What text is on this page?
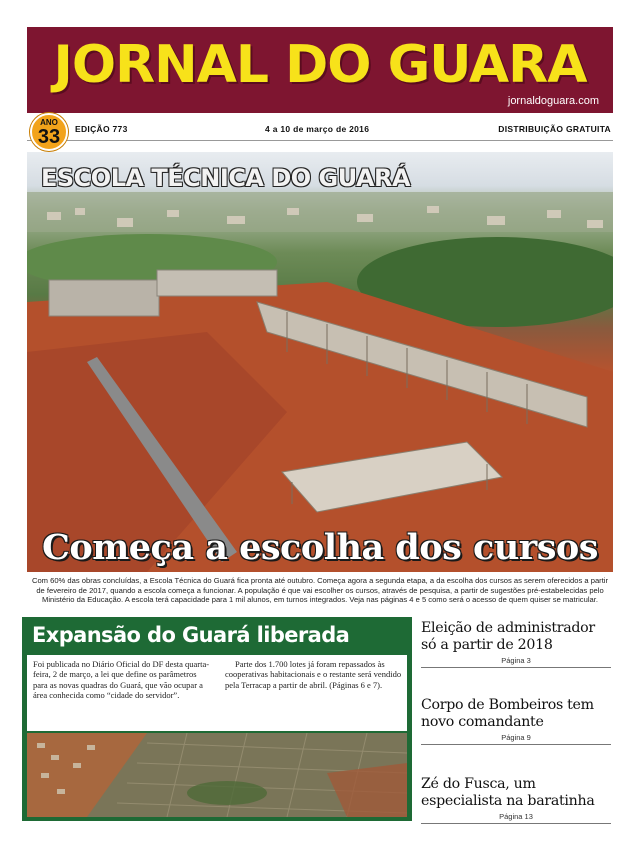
JORNAL DO GUARA
jornaldoguara.com
ANO
33	EDIÇÃO 773	4 a 10 de março de 2016	DISTRIBUIÇÃO GRATUITA
ESCOLA TÉCNICA DO GUARÁ
Começa a escolha dos cursos
Com 60% das obras concluídas, a Escola Técnica do Guará fica pronta até outubro. Começa agora a segunda etapa, a da escolha dos cursos as serem oferecidos a partir de fevereiro de 2017, quando a escola começa a funcionar. A população é que vai escolher os cursos, através de pesquisa, a partir de sugestões pré-estabelecidas pelo Ministério da Educação. A escola terá capacidade para 1 mil alunos, em turnos integrados. Veja nas páginas 4 e 5 como será o acesso de quem quiser se matricular.
Expansão do Guará liberada
Foi publicada no Diário Oficial do DF desta quarta-feira, 2 de março, a lei que define os parâmetros para as novas quadras do Guará, que vão ocupar a área conhecida como “cidade do servidor”.
Parte dos 1.700 lotes já foram repassados às cooperativas habitacionais e o restante será vendido pela Terracap a partir de abril. (Páginas 6 e 7).
Eleição de administrador só a partir de 2018
Página 3
Corpo de Bombeiros tem novo comandante
Página 9
Zé do Fusca, um especialista na baratinha
Página 13
